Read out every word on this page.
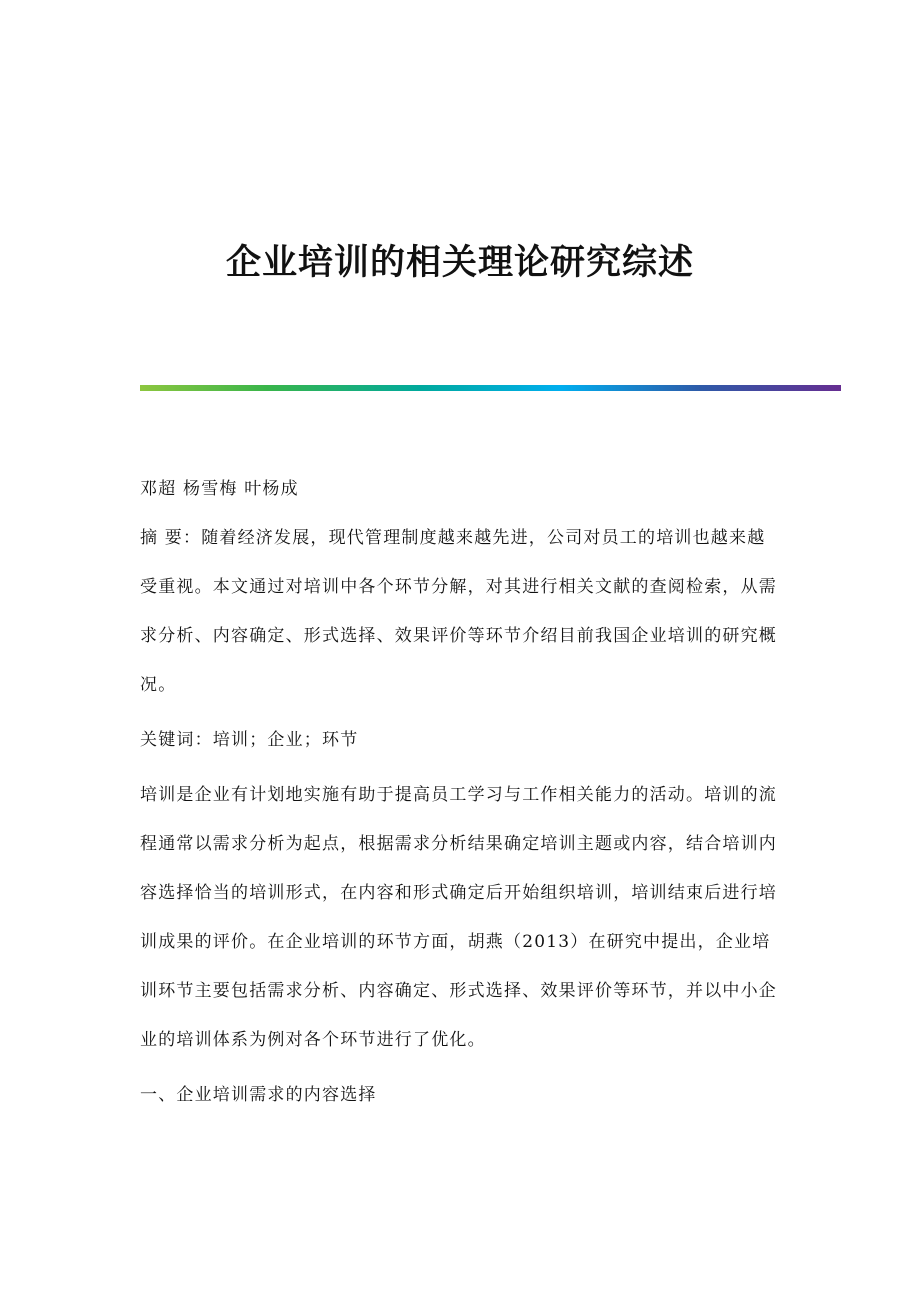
企业培训的相关理论研究综述

邓超 杨雪梅 叶杨成

摘 要：随着经济发展，现代管理制度越来越先进，公司对员工的培训也越来越受重视。本文通过对培训中各个环节分解，对其进行相关文献的查阅检索，从需求分析、内容确定、形式选择、效果评价等环节介绍目前我国企业培训的研究概况。

关键词：培训；企业；环节

培训是企业有计划地实施有助于提高员工学习与工作相关能力的活动。培训的流程通常以需求分析为起点，根据需求分析结果确定培训主题或内容，结合培训内容选择恰当的培训形式，在内容和形式确定后开始组织培训，培训结束后进行培训成果的评价。在企业培训的环节方面，胡燕（2013）在研究中提出，企业培训环节主要包括需求分析、内容确定、形式选择、效果评价等环节，并以中小企业的培训体系为例对各个环节进行了优化。

一、企业培训需求的内容选择
